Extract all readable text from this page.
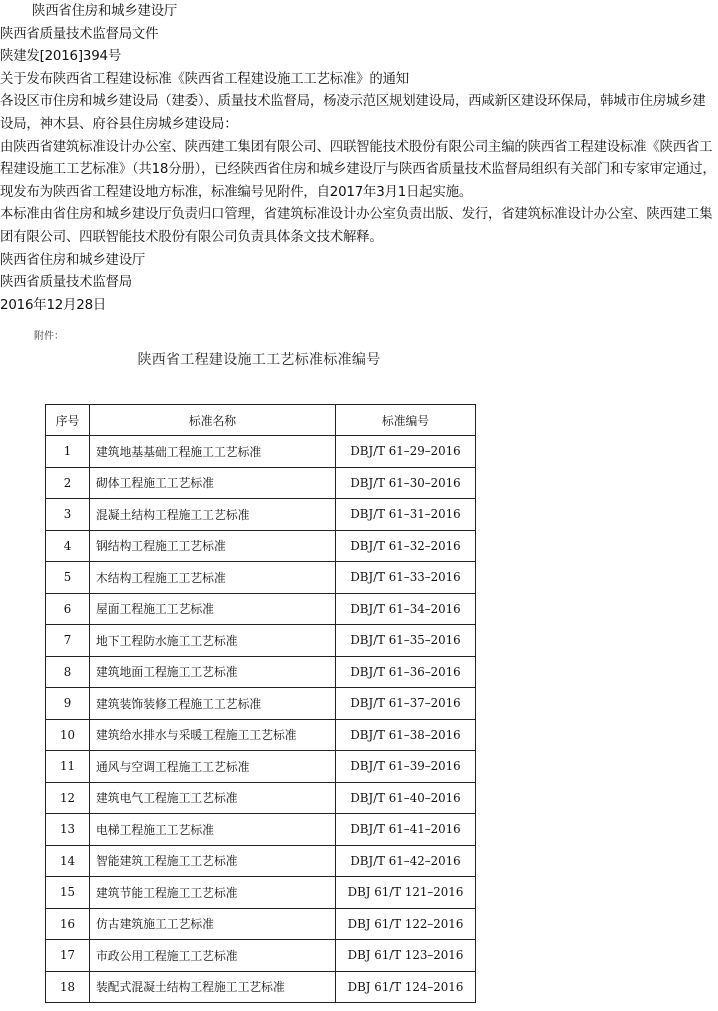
陕西省住房和城乡建设厅

陕西省质量技术监督局文件

陕建发[2016]394号

关于发布陕西省工程建设标准《陕西省工程建设施工工艺标准》的通知

各设区市住房和城乡建设局（建委）、质量技术监督局，杨凌示范区规划建设局，西咸新区建设环保局，韩城市住房城乡建设局，神木县、府谷县住房城乡建设局：

由陕西省建筑标准设计办公室、陕西建工集团有限公司、四联智能技术股份有限公司主编的陕西省工程建设标准《陕西省工程建设施工工艺标准》（共18分册），已经陕西省住房和城乡建设厅与陕西省质量技术监督局组织有关部门和专家审定通过，现发布为陕西省工程建设地方标准，标准编号见附件，自2017年3月1日起实施。

本标准由省住房和城乡建设厅负责归口管理，省建筑标准设计办公室负责出版、发行，省建筑标准设计办公室、陕西建工集团有限公司、四联智能技术股份有限公司负责具体条文技术解释。

陕西省住房和城乡建设厅

陕西省质量技术监督局

2016年12月28日

附件：
陕西省工程建设施工工艺标准标准编号
序号	标准名称	标准编号
1	建筑地基基础工程施工工艺标准	DBJ/T 61–29–2016
2	砌体工程施工工艺标准	DBJ/T 61–30–2016
3	混凝土结构工程施工工艺标准	DBJ/T 61–31–2016
4	钢结构工程施工工艺标准	DBJ/T 61–32–2016
5	木结构工程施工工艺标准	DBJ/T 61–33–2016
6	屋面工程施工工艺标准	DBJ/T 61–34–2016
7	地下工程防水施工工艺标准	DBJ/T 61–35–2016
8	建筑地面工程施工工艺标准	DBJ/T 61–36–2016
9	建筑装饰装修工程施工工艺标准	DBJ/T 61–37–2016
10	建筑给水排水与采暖工程施工工艺标准	DBJ/T 61–38–2016
11	通风与空调工程施工工艺标准	DBJ/T 61–39–2016
12	建筑电气工程施工工艺标准	DBJ/T 61–40–2016
13	电梯工程施工工艺标准	DBJ/T 61–41–2016
14	智能建筑工程施工工艺标准	DBJ/T 61–42–2016
15	建筑节能工程施工工艺标准	DBJ 61/T 121–2016
16	仿古建筑施工工艺标准	DBJ 61/T 122–2016
17	市政公用工程施工工艺标准	DBJ 61/T 123–2016
18	装配式混凝土结构工程施工工艺标准	DBJ 61/T 124–2016
